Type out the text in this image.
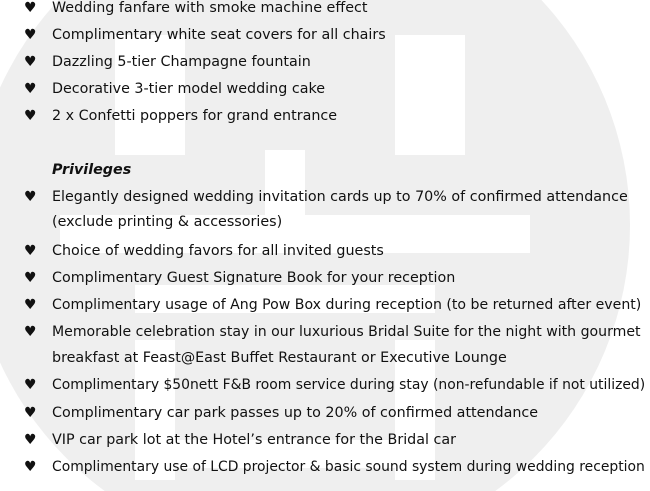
♥ Wedding fanfare with smoke machine effect
♥ Complimentary white seat covers for all chairs
♥ Dazzling 5-tier Champagne fountain
♥ Decorative 3-tier model wedding cake
♥ 2 x Confetti poppers for grand entrance
Privileges
♥ Elegantly designed wedding invitation cards up to 70% of confirmed attendance
(exclude printing & accessories)
♥ Choice of wedding favors for all invited guests
♥ Complimentary Guest Signature Book for your reception
♥ Complimentary usage of Ang Pow Box during reception (to be returned after event)
♥ Memorable celebration stay in our luxurious Bridal Suite for the night with gourmet
breakfast at Feast@East Buffet Restaurant or Executive Lounge
♥ Complimentary $50nett F&B room service during stay (non-refundable if not utilized)
♥ Complimentary car park passes up to 20% of confirmed attendance
♥ VIP car park lot at the Hotel’s entrance for the Bridal car
♥ Complimentary use of LCD projector & basic sound system during wedding reception
